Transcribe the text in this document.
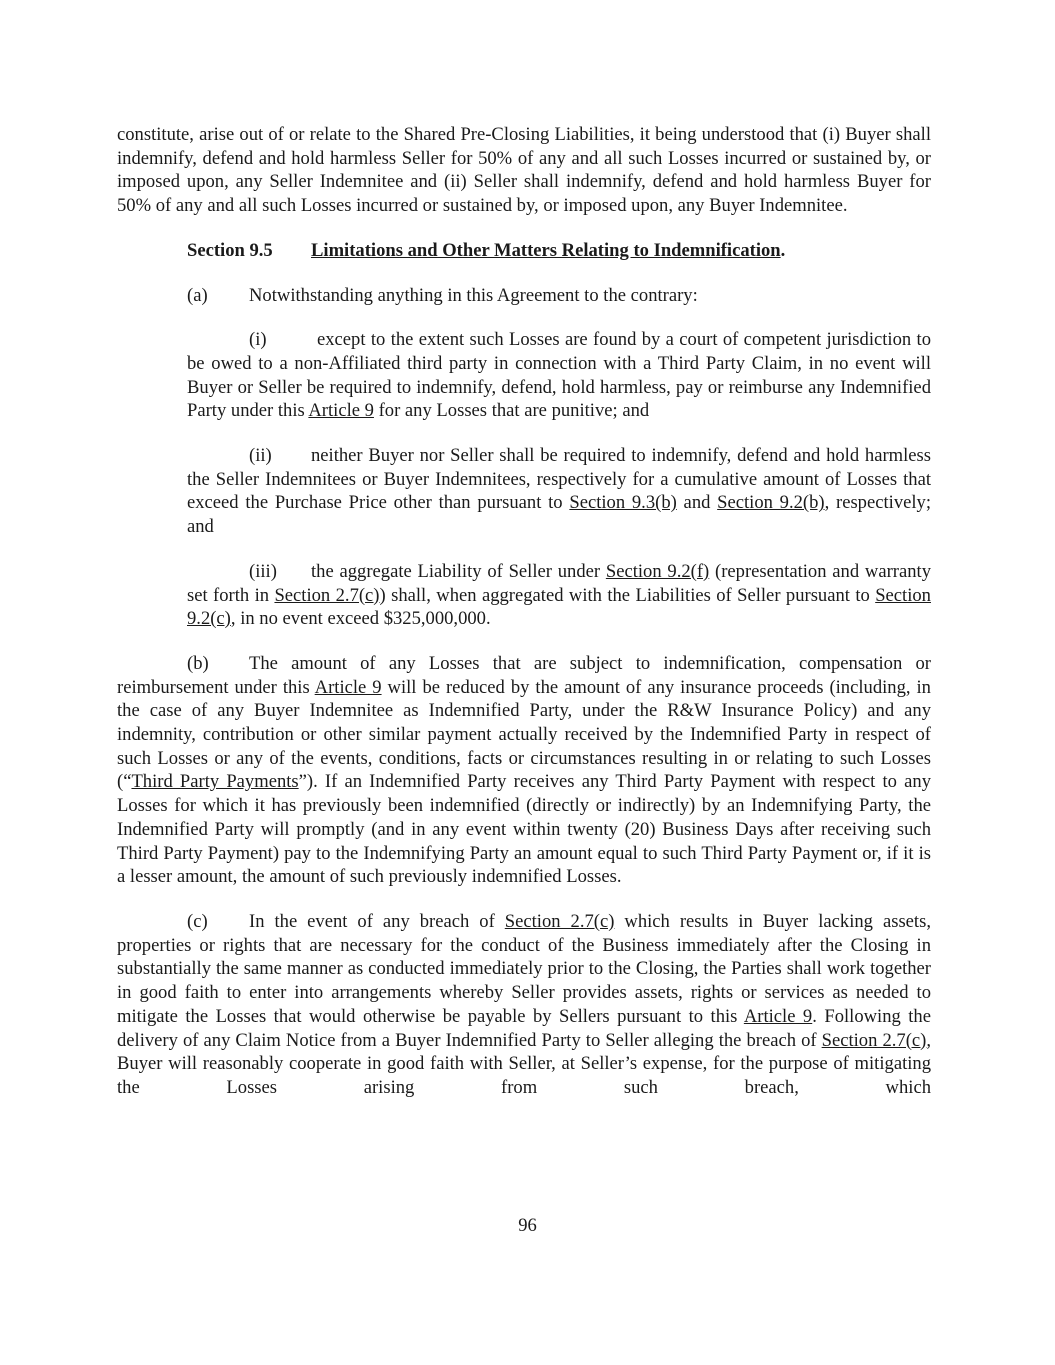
constitute, arise out of or relate to the Shared Pre-Closing Liabilities, it being understood that (i) Buyer shall indemnify, defend and hold harmless Seller for 50% of any and all such Losses incurred or sustained by, or imposed upon, any Seller Indemnitee and (ii) Seller shall indemnify, defend and hold harmless Buyer for 50% of any and all such Losses incurred or sustained by, or imposed upon, any Buyer Indemnitee.

Section 9.5 Limitations and Other Matters Relating to Indemnification.

(a) Notwithstanding anything in this Agreement to the contrary:

(i)	except to the extent such Losses are found by a court of competent jurisdiction to be owed to a non-Affiliated third party in connection with a Third Party Claim, in no event will Buyer or Seller be required to indemnify, defend, hold harmless, pay or reimburse any Indemnified Party under this Article 9 for any Losses that are punitive; and

(ii) neither Buyer nor Seller shall be required to indemnify, defend and hold harmless the Seller Indemnitees or Buyer Indemnitees, respectively for a cumulative amount of Losses that exceed the Purchase Price other than pursuant to Section 9.3(b) and Section 9.2(b), respectively; and

(iii) the aggregate Liability of Seller under Section 9.2(f) (representation and warranty set forth in Section 2.7(c)) shall, when aggregated with the Liabilities of Seller pursuant to Section 9.2(c), in no event exceed $325,000,000.

(b) The amount of any Losses that are subject to indemnification, compensation or reimbursement under this Article 9 will be reduced by the amount of any insurance proceeds (including, in the case of any Buyer Indemnitee as Indemnified Party, under the R&W Insurance Policy) and any indemnity, contribution or other similar payment actually received by the Indemnified Party in respect of such Losses or any of the events, conditions, facts or circumstances resulting in or relating to such Losses (“Third Party Payments”). If an Indemnified Party receives any Third Party Payment with respect to any Losses for which it has previously been indemnified (directly or indirectly) by an Indemnifying Party, the Indemnified Party will promptly (and in any event within twenty (20) Business Days after receiving such Third Party Payment) pay to the Indemnifying Party an amount equal to such Third Party Payment or, if it is a lesser amount, the amount of such previously indemnified Losses.

(c) In the event of any breach of Section 2.7(c) which results in Buyer lacking assets, properties or rights that are necessary for the conduct of the Business immediately after the Closing in substantially the same manner as conducted immediately prior to the Closing, the Parties shall work together in good faith to enter into arrangements whereby Seller provides assets, rights or services as needed to mitigate the Losses that would otherwise be payable by Sellers pursuant to this Article 9. Following the delivery of any Claim Notice from a Buyer Indemnified Party to Seller alleging the breach of Section 2.7(c), Buyer will reasonably cooperate in good faith with Seller, at Seller’s expense, for the purpose of mitigating the Losses arising from such breach, which

96
